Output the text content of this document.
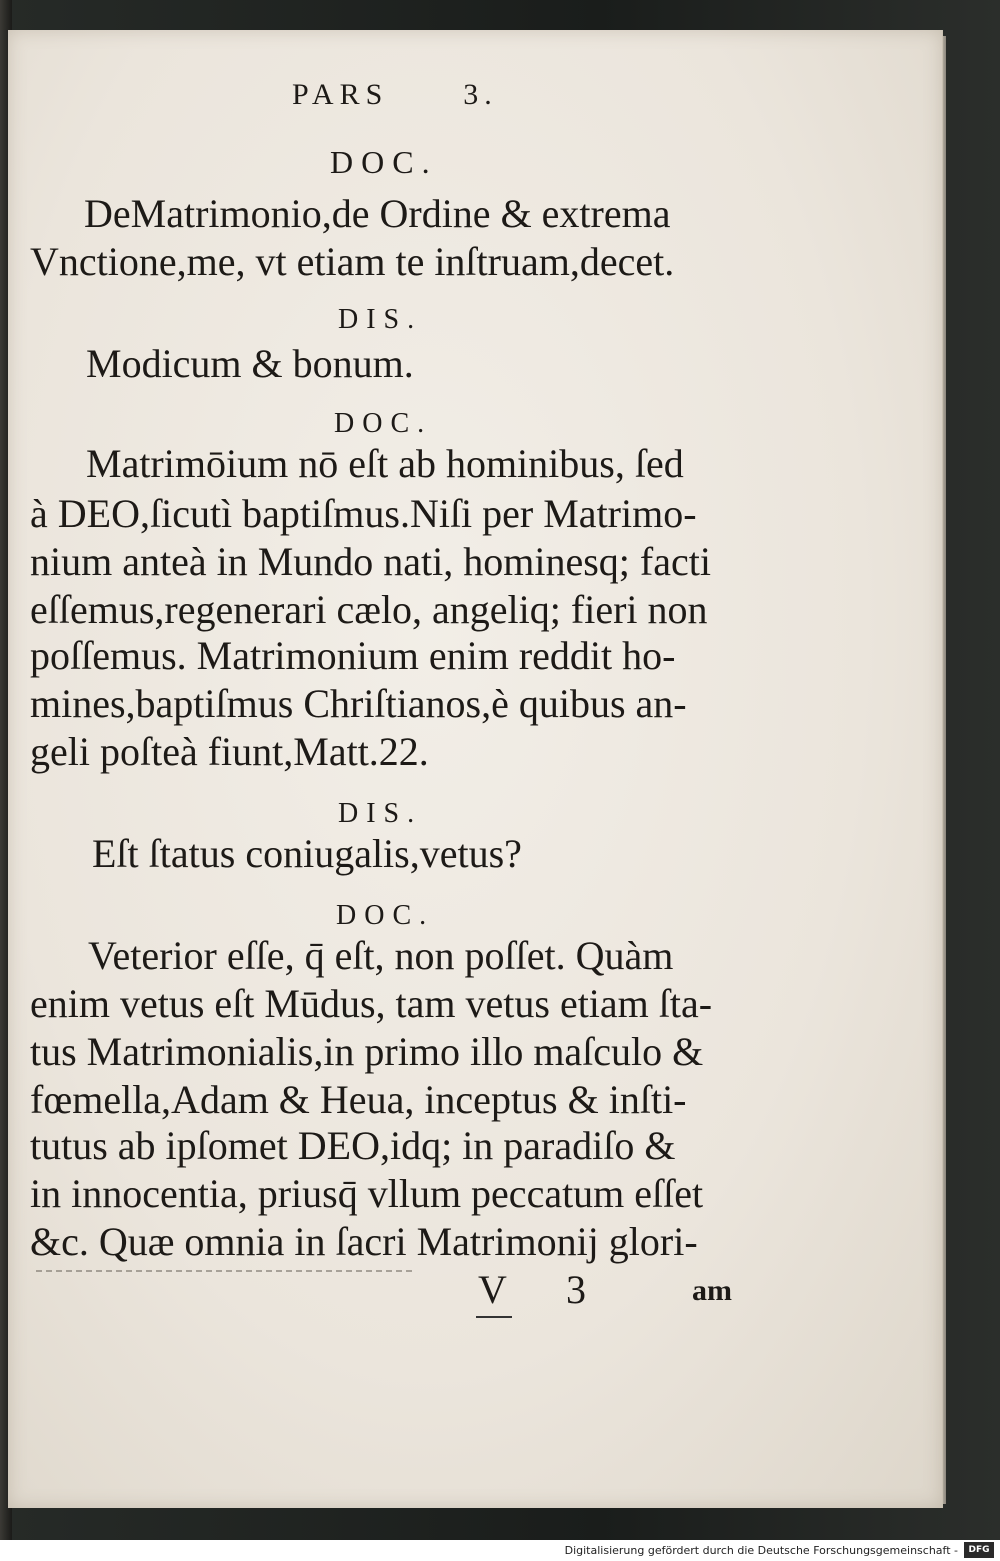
PARS	3.
DOC.
DeMatrimonio,de Ordine & extrema
Vnctione,me, vt etiam te inſtruam,decet.
DIS.
Modicum & bonum.
DOC.
Matrimōium nō eſt ab hominibus, ſed
à DEO,ſicutì baptiſmus.Niſi per Matrimo-
nium anteà in Mundo nati, hominesq; facti
eſſemus,regenerari cælo, angeliq; fieri non
poſſemus. Matrimonium enim reddit ho-
mines,baptiſmus Chriſtianos,è quibus an-
geli poſteà fiunt,Matt.22.
DIS.
Eſt ſtatus coniugalis,vetus?
DOC.
Veterior eſſe, q̄ eſt, non poſſet. Quàm
enim vetus eſt Mūdus, tam vetus etiam ſta-
tus Matrimonialis,in primo illo maſculo &
fœmella,Adam & Heua, inceptus & inſti-
tutus ab ipſomet DEO,idq; in paradiſo &
in innocentia, priusq̄ vllum peccatum eſſet
&c. Quæ omnia in ſacri Matrimonij glori-
V 3	am
Digitalisierung gefördert durch die Deutsche Forschungsgemeinschaft -	DFG
